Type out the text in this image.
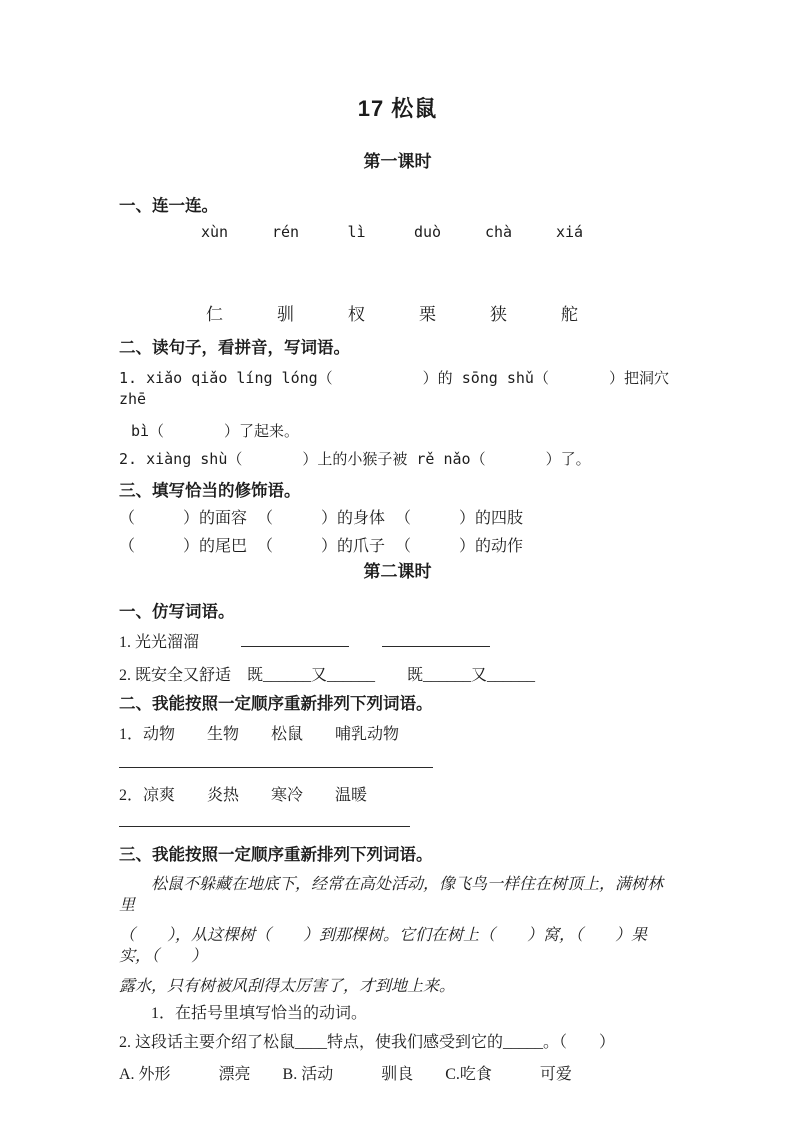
17 松鼠
第一课时
一、连一连。
xùn	rén	lì	duò	chà	xiá
仁	驯	杈	栗	狭	舵
二、读句子，看拼音，写词语。
1. xiǎo qiǎo líng lóng（　　　　　　）的 sōng shǔ（　　　　）把洞穴 zhē
bì（　　　　）了起来。
2. xiàng shù（　　　　）上的小猴子被 rě nǎo（　　　　）了。
三、填写恰当的修饰语。
（　　　）的面容 （　　　）的身体 （　　　）的四肢
（　　　）的尾巴 （　　　）的爪子 （　　　）的动作
第二课时
一、仿写词语。
1. 光光溜溜
2. 既安全又舒适　既______又______　　既______又______
二、我能按照一定顺序重新排列下列词语。
1．动物　　生物　　松鼠　　哺乳动物
2．凉爽　　炎热　　寒冷　　温暖
三、我能按照一定顺序重新排列下列词语。
松鼠不躲藏在地底下，经常在高处活动，像飞鸟一样住在树顶上，满树林里
（　　），从这棵树（　　）到那棵树。它们在树上（　　）窝，（　　）果实，（　　）
露水，只有树被风刮得太厉害了，才到地上来。
1．在括号里填写恰当的动词。
2. 这段话主要介绍了松鼠____特点，使我们感受到它的_____。（　　）
A. 外形　　　漂亮　　B. 活动　　　驯良　　C.吃食　　　可爱
